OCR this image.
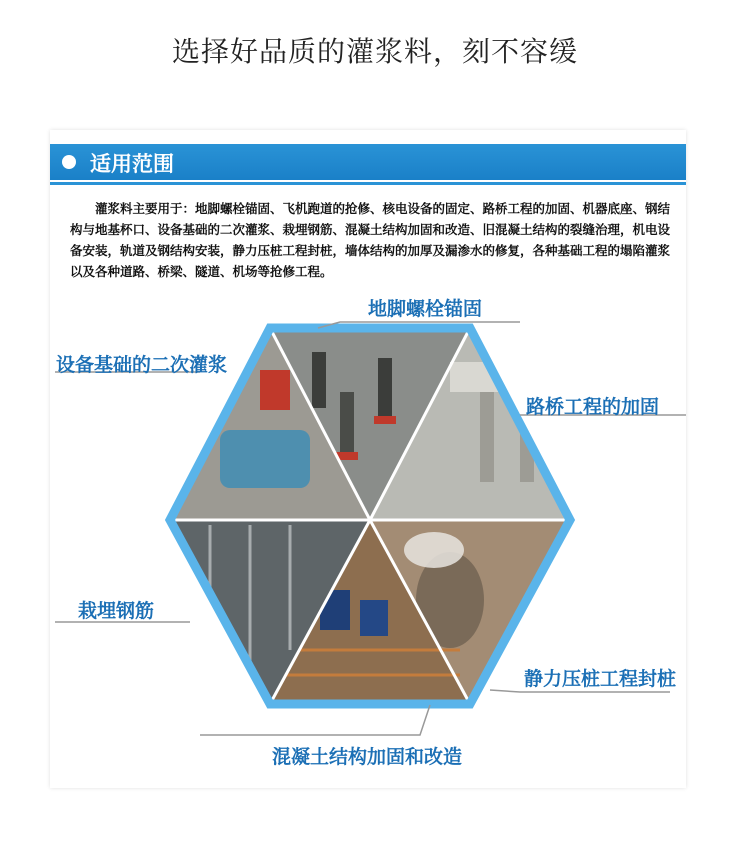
选择好品质的灌浆料，刻不容缓
适用范围
灌浆料主要用于：地脚螺栓锚固、飞机跑道的抢修、核电设备的固定、路桥工程的加固、机器底座、钢结构与地基杯口、设备基础的二次灌浆、栽埋钢筋、混凝土结构加固和改造、旧混凝土结构的裂缝治理，机电设备安装，轨道及钢结构安装，静力压桩工程封桩，墙体结构的加厚及漏渗水的修复，各种基础工程的塌陷灌浆以及各种道路、桥梁、隧道、机场等抢修工程。
地脚螺栓锚固
设备基础的二次灌浆
路桥工程的加固
栽埋钢筋
静力压桩工程封桩
混凝土结构加固和改造
